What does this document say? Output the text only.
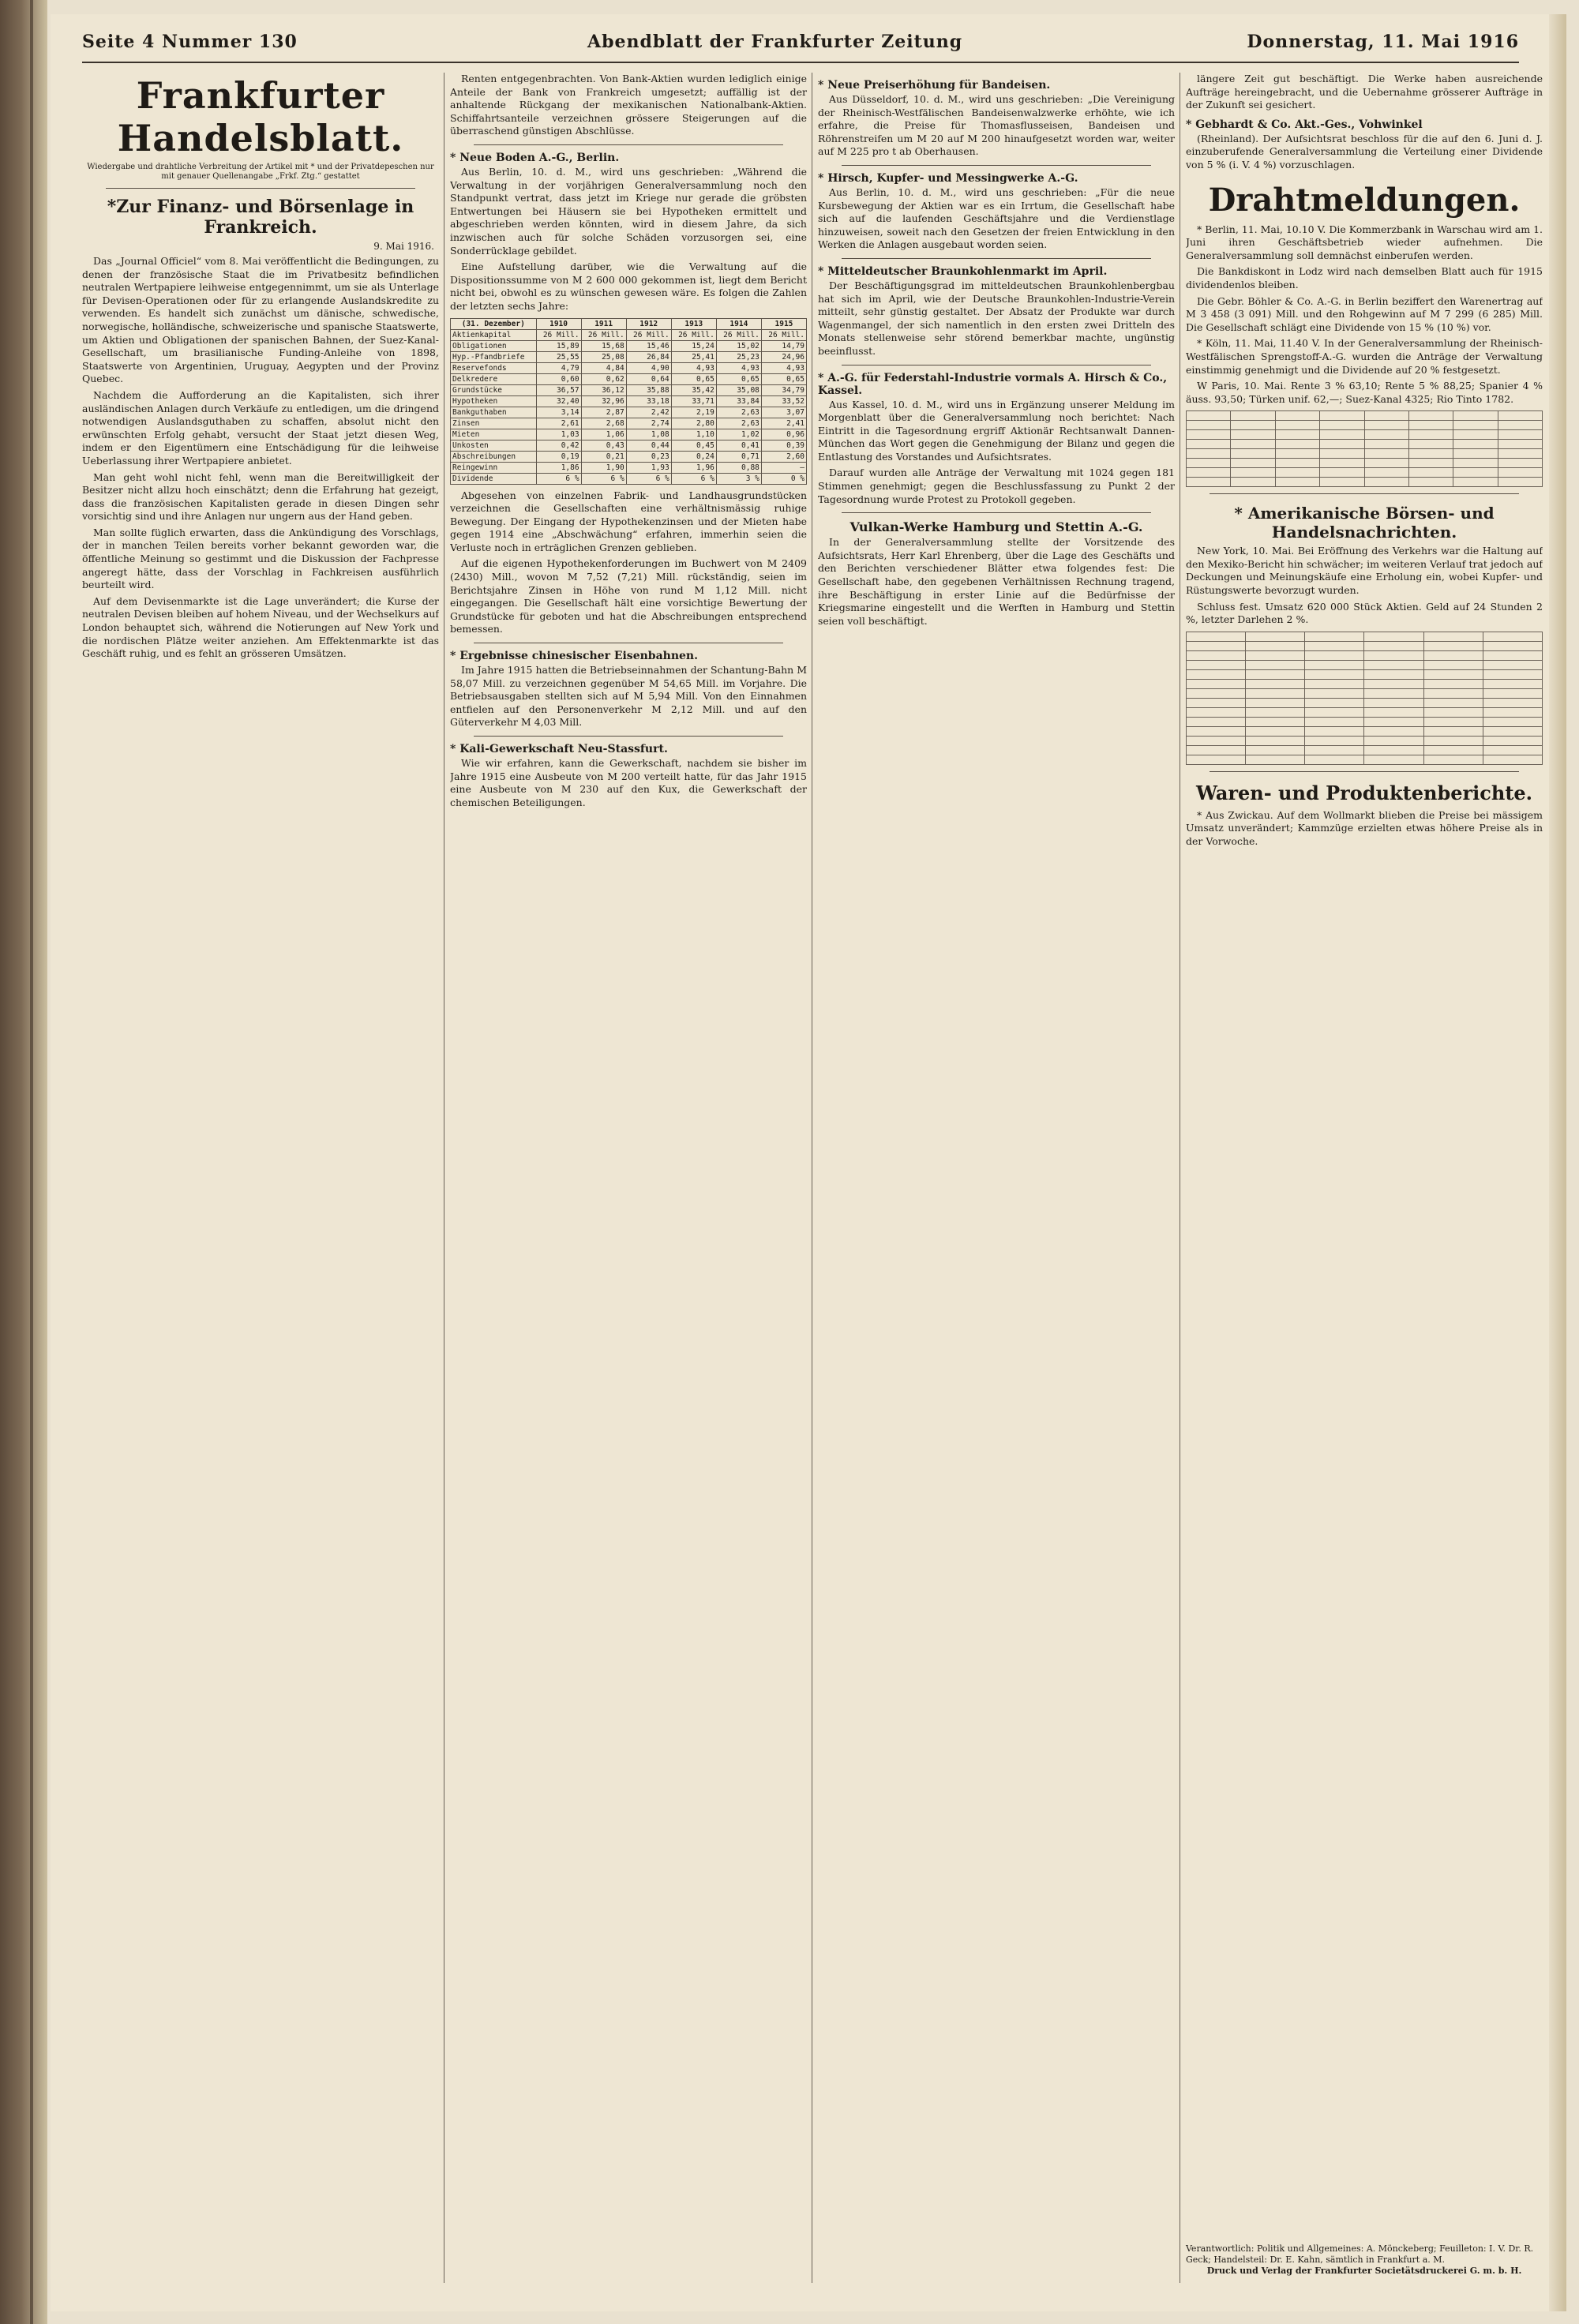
Seite 4 Nummer 130	Abendblatt der Frankfurter Zeitung	Donnerstag, 11. Mai 1916
Frankfurter Handelsblatt.
Wiedergabe und drahtliche Verbreitung der Artikel mit * und der Privatdepeschen nur mit genauer Quellenangabe „Frkf. Ztg.“ gestattet
*Zur Finanz- und Börsenlage in Frankreich.
9. Mai 1916.

Das „Journal Officiel“ vom 8. Mai veröffentlicht die Bedingungen, zu denen der französische Staat die im Privatbesitz befindlichen neutralen Wertpapiere leihweise entgegennimmt, um sie als Unterlage für Devisen-Operationen oder für zu erlangende Auslandskredite zu verwenden. Es handelt sich zunächst um dänische, schwedische, norwegische, holländische, schweizerische und spanische Staatswerte, um Aktien und Obligationen der spanischen Bahnen, der Suez-Kanal-Gesellschaft, um brasilianische Funding-Anleihe von 1898, Staatswerte von Argentinien, Uruguay, Aegypten und der Provinz Quebec.

Nachdem die Aufforderung an die Kapitalisten, sich ihrer ausländischen Anlagen durch Verkäufe zu entledigen, um die dringend notwendigen Auslandsguthaben zu schaffen, absolut nicht den erwünschten Erfolg gehabt, versucht der Staat jetzt diesen Weg, indem er den Eigentümern eine Entschädigung für die leihweise Ueberlassung ihrer Wertpapiere anbietet.

Man geht wohl nicht fehl, wenn man die Bereitwilligkeit der Besitzer nicht allzu hoch einschätzt; denn die Erfahrung hat gezeigt, dass die französischen Kapitalisten gerade in diesen Dingen sehr vorsichtig sind und ihre Anlagen nur ungern aus der Hand geben.

Man sollte füglich erwarten, dass die Ankündigung des Vorschlags, der in manchen Teilen bereits vorher bekannt geworden war, die öffentliche Meinung so gestimmt und die Diskussion der Fachpresse angeregt hätte, dass der Vorschlag in Fachkreisen ausführlich beurteilt wird.

Auf dem Devisenmarkte ist die Lage unverändert; die Kurse der neutralen Devisen bleiben auf hohem Niveau, und der Wechselkurs auf London behauptet sich, während die Notierungen auf New York und die nordischen Plätze weiter anziehen. Am Effektenmarkte ist das Geschäft ruhig, und es fehlt an grösseren Umsätzen.

Renten entgegenbrachten. Von Bank-Aktien wurden lediglich einige Anteile der Bank von Frankreich umgesetzt; auffällig ist der anhaltende Rückgang der mexikanischen Nationalbank-Aktien. Schiffahrtsanteile verzeichnen grössere Steigerungen auf die überraschend günstigen Abschlüsse.

* Neue Boden A.-G., Berlin.

Aus Berlin, 10. d. M., wird uns geschrieben: „Während die Verwaltung in der vorjährigen Generalversammlung noch den Standpunkt vertrat, dass jetzt im Kriege nur gerade die gröbsten Entwertungen bei Häusern sie bei Hypotheken ermittelt und abgeschrieben werden könnten, wird in diesem Jahre, da sich inzwischen auch für solche Schäden vorzusorgen sei, eine Sonderrücklage gebildet.

Eine Aufstellung darüber, wie die Verwaltung auf die Dispositionssumme von M 2 600 000 gekommen ist, liegt dem Bericht nicht bei, obwohl es zu wünschen gewesen wäre. Es folgen die Zahlen der letzten sechs Jahre:

(31. Dezember)	1910	1911	1912	1913	1914	1915
Aktienkapital	26 Mill.	26 Mill.	26 Mill.	26 Mill.	26 Mill.	26 Mill.
Obligationen	15,89	15,68	15,46	15,24	15,02	14,79
Hyp.-Pfandbriefe	25,55	25,08	26,84	25,41	25,23	24,96
Reservefonds	4,79	4,84	4,90	4,93	4,93	4,93
Delkredere	0,60	0,62	0,64	0,65	0,65	0,65
Grundstücke	36,57	36,12	35,88	35,42	35,08	34,79
Hypotheken	32,40	32,96	33,18	33,71	33,84	33,52
Bankguthaben	3,14	2,87	2,42	2,19	2,63	3,07
Zinsen	2,61	2,68	2,74	2,80	2,63	2,41
Mieten	1,03	1,06	1,08	1,10	1,02	0,96
Unkosten	0,42	0,43	0,44	0,45	0,41	0,39
Abschreibungen	0,19	0,21	0,23	0,24	0,71	2,60
Reingewinn	1,86	1,90	1,93	1,96	0,88	—
Dividende	6 %	6 %	6 %	6 %	3 %	0 %

Abgesehen von einzelnen Fabrik- und Landhausgrundstücken verzeichnen die Gesellschaften eine verhältnismässig ruhige Bewegung. Der Eingang der Hypothekenzinsen und der Mieten habe gegen 1914 eine „Abschwächung“ erfahren, immerhin seien die Verluste noch in erträglichen Grenzen geblieben.

Auf die eigenen Hypothekenforderungen im Buchwert von M 2409 (2430) Mill., wovon M 7,52 (7,21) Mill. rückständig, seien im Berichtsjahre Zinsen in Höhe von rund M 1,12 Mill. nicht eingegangen. Die Gesellschaft hält eine vorsichtige Bewertung der Grundstücke für geboten und hat die Abschreibungen entsprechend bemessen.

* Ergebnisse chinesischer Eisenbahnen.

Im Jahre 1915 hatten die Betriebseinnahmen der Schantung-Bahn M 58,07 Mill. zu verzeichnen gegenüber M 54,65 Mill. im Vorjahre. Die Betriebsausgaben stellten sich auf M 5,94 Mill. Von den Einnahmen entfielen auf den Personenverkehr M 2,12 Mill. und auf den Güterverkehr M 4,03 Mill.

* Kali-Gewerkschaft Neu-Stassfurt.

Wie wir erfahren, kann die Gewerkschaft, nachdem sie bisher im Jahre 1915 eine Ausbeute von M 200 verteilt hatte, für das Jahr 1915 eine Ausbeute von M 230 auf den Kux, die Gewerkschaft der chemischen Beteiligungen.

* Neue Preiserhöhung für Bandeisen.

Aus Düsseldorf, 10. d. M., wird uns geschrieben: „Die Vereinigung der Rheinisch-Westfälischen Bandeisenwalzwerke erhöhte, wie ich erfahre, die Preise für Thomasflusseisen, Bandeisen und Röhrenstreifen um M 20 auf M 200 hinaufgesetzt worden war, weiter auf M 225 pro t ab Oberhausen.

* Hirsch, Kupfer- und Messingwerke A.-G.

Aus Berlin, 10. d. M., wird uns geschrieben: „Für die neue Kursbewegung der Aktien war es ein Irrtum, die Gesellschaft habe sich auf die laufenden Geschäftsjahre und die Verdienstlage hinzuweisen, soweit nach den Gesetzen der freien Entwicklung in den Werken die Anlagen ausgebaut worden seien.

* Mitteldeutscher Braunkohlenmarkt im April.

Der Beschäftigungsgrad im mitteldeutschen Braunkohlenbergbau hat sich im April, wie der Deutsche Braunkohlen-Industrie-Verein mitteilt, sehr günstig gestaltet. Der Absatz der Produkte war durch Wagenmangel, der sich namentlich in den ersten zwei Dritteln des Monats stellenweise sehr störend bemerkbar machte, ungünstig beeinflusst.

* A.-G. für Federstahl-Industrie vormals A. Hirsch & Co., Kassel.

Aus Kassel, 10. d. M., wird uns in Ergänzung unserer Meldung im Morgenblatt über die Generalversammlung noch berichtet: Nach Eintritt in die Tagesordnung ergriff Aktionär Rechtsanwalt Dannen-München das Wort gegen die Genehmigung der Bilanz und gegen die Entlastung des Vorstandes und Aufsichtsrates.

Darauf wurden alle Anträge der Verwaltung mit 1024 gegen 181 Stimmen genehmigt; gegen die Beschlussfassung zu Punkt 2 der Tagesordnung wurde Protest zu Protokoll gegeben.

Vulkan-Werke Hamburg und Stettin A.-G.

In der Generalversammlung stellte der Vorsitzende des Aufsichtsrats, Herr Karl Ehrenberg, über die Lage des Geschäfts und den Berichten verschiedener Blätter etwa folgendes fest: Die Gesellschaft habe, den gegebenen Verhältnissen Rechnung tragend, ihre Beschäftigung in erster Linie auf die Bedürfnisse der Kriegsmarine eingestellt und die Werften in Hamburg und Stettin seien voll beschäftigt.

längere Zeit gut beschäftigt. Die Werke haben ausreichende Aufträge hereingebracht, und die Uebernahme grösserer Aufträge in der Zukunft sei gesichert.

* Gebhardt & Co. Akt.-Ges., Vohwinkel

(Rheinland). Der Aufsichtsrat beschloss für die auf den 6. Juni d. J. einzuberufende Generalversammlung die Verteilung einer Dividende von 5 % (i. V. 4 %) vorzuschlagen.

Drahtmeldungen.

* Berlin, 11. Mai, 10.10 V. Die Kommerzbank in Warschau wird am 1. Juni ihren Geschäftsbetrieb wieder aufnehmen. Die Generalversammlung soll demnächst einberufen werden.

Die Bankdiskont in Lodz wird nach demselben Blatt auch für 1915 dividendenlos bleiben.

Die Gebr. Böhler & Co. A.-G. in Berlin beziffert den Warenertrag auf M 3 458 (3 091) Mill. und den Rohgewinn auf M 7 299 (6 285) Mill. Die Gesellschaft schlägt eine Dividende von 15 % (10 %) vor.

* Köln, 11. Mai, 11.40 V. In der Generalversammlung der Rheinisch-Westfälischen Sprengstoff-A.-G. wurden die Anträge der Verwaltung einstimmig genehmigt und die Dividende auf 20 % festgesetzt.

W Paris, 10. Mai. Rente 3 % 63,10; Rente 5 % 88,25; Spanier 4 % äuss. 93,50; Türken unif. 62,—; Suez-Kanal 4325; Rio Tinto 1782.

* Amerikanische Börsen- und Handelsnachrichten.

New York, 10. Mai. Bei Eröffnung des Verkehrs war die Haltung auf den Mexiko-Bericht hin schwächer; im weiteren Verlauf trat jedoch auf Deckungen und Meinungskäufe eine Erholung ein, wobei Kupfer- und Rüstungswerte bevorzugt wurden.

Schluss fest. Umsatz 620 000 Stück Aktien. Geld auf 24 Stunden 2 %, letzter Darlehen 2 %.

Waren- und Produktenberichte.

* Aus Zwickau. Auf dem Wollmarkt blieben die Preise bei mässigem Umsatz unverändert; Kammzüge erzielten etwas höhere Preise als in der Vorwoche.

Verantwortlich: Politik und Allgemeines: A. Mönckeberg; Feuilleton: I. V. Dr. R. Geck; Handelsteil: Dr. E. Kahn, sämtlich in Frankfurt a. M.
Druck und Verlag der Frankfurter Societätsdruckerei G. m. b. H.
